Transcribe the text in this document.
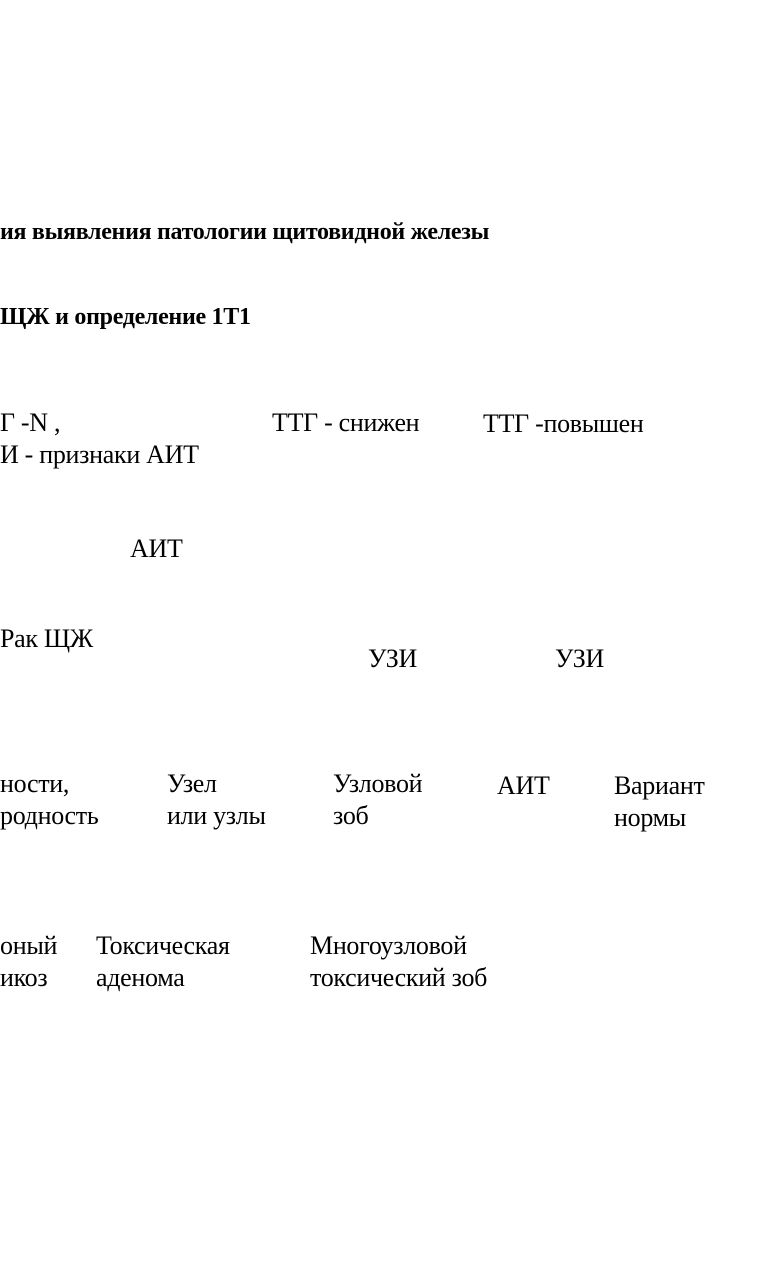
ия выявления патологии щитовидной железы
ЩЖ и определение 1Т1
Г -N ,
И - признаки АИТ
ТТГ - снижен ТТГ -повышен
АИТ
Рак ЩЖ
УЗИ	УЗИ
ности,
родность
Узел
или узлы
Узловой
зоб
АИТ Вариант
нормы
оный
икоз
Токсическая
аденома
Многоузловой
токсический зоб
